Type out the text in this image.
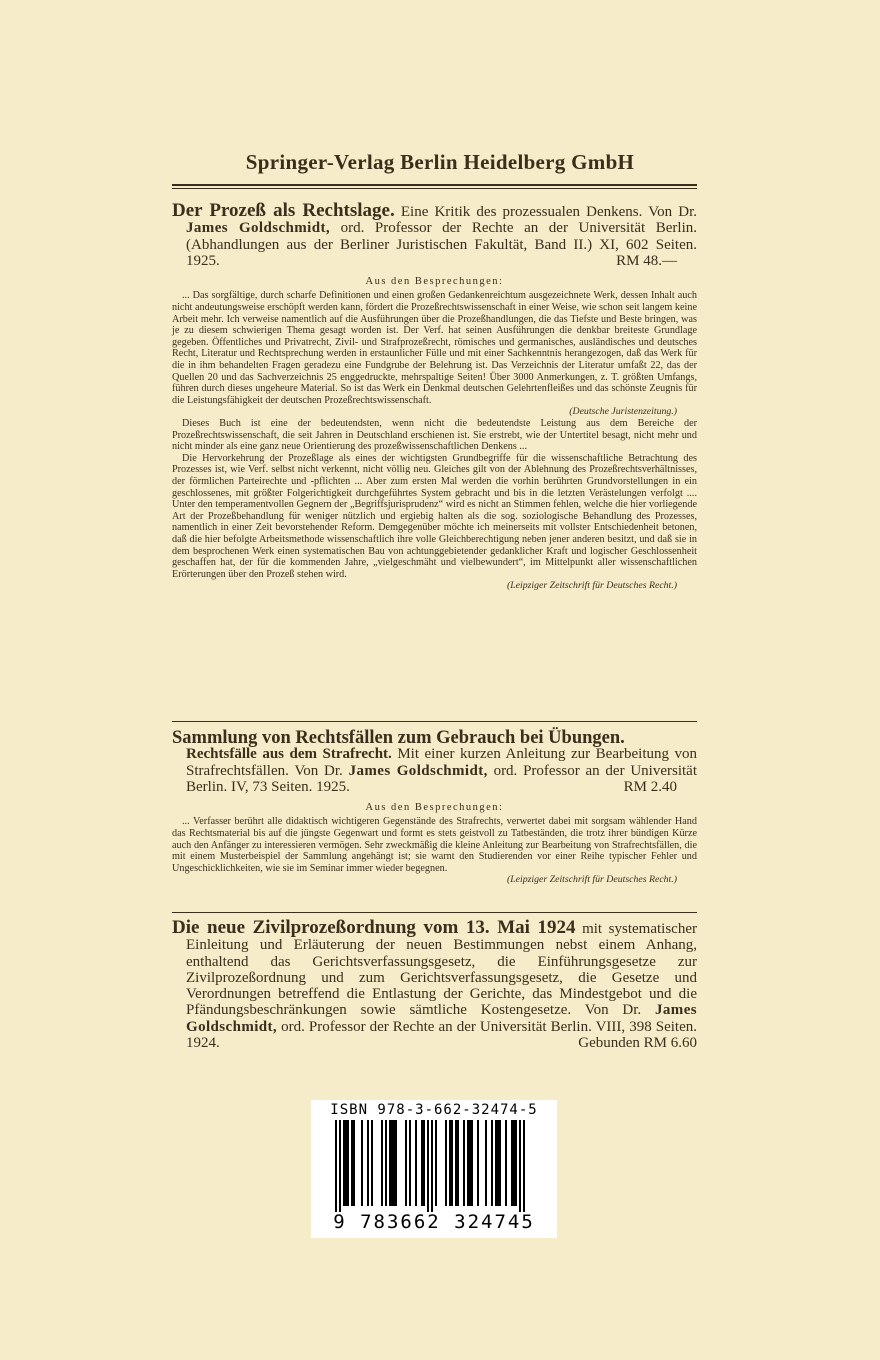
Springer-Verlag Berlin Heidelberg GmbH
Der Prozeß als Rechtslage. Eine Kritik des prozessualen Denkens. Von Dr. James Goldschmidt, ord. Professor der Rechte an der Universität Berlin. (Abhandlungen aus der Berliner Juristischen Fakultät, Band II.) XI, 602 Seiten. 1925.	RM 48.—
Aus den Besprechungen:

... Das sorgfältige, durch scharfe Definitionen und einen großen Gedankenreichtum ausgezeichnete Werk, dessen Inhalt auch nicht andeutungsweise erschöpft werden kann, fördert die Prozeßrechtswissenschaft in einer Weise, wie schon seit langem keine Arbeit mehr. Ich verweise namentlich auf die Ausführungen über die Prozeßhandlungen, die das Tiefste und Beste bringen, was je zu diesem schwierigen Thema gesagt worden ist. Der Verf. hat seinen Ausführungen die denkbar breiteste Grundlage gegeben. Öffentliches und Privatrecht, Zivil- und Strafprozeßrecht, römisches und germanisches, ausländisches und deutsches Recht, Literatur und Rechtsprechung werden in erstaunlicher Fülle und mit einer Sachkenntnis herangezogen, daß das Werk für die in ihm behandelten Fragen geradezu eine Fundgrube der Belehrung ist. Das Verzeichnis der Literatur umfaßt 22, das der Quellen 20 und das Sachverzeichnis 25 enggedruckte, mehrspaltige Seiten! Über 3000 Anmerkungen, z. T. größten Umfangs, führen durch dieses ungeheure Material. So ist das Werk ein Denkmal deutschen Gelehrtenfleißes und das schönste Zeugnis für die Leistungsfähigkeit der deutschen Prozeßrechtswissenschaft.

(Deutsche Juristenzeitung.)

Dieses Buch ist eine der bedeutendsten, wenn nicht die bedeutendste Leistung aus dem Bereiche der Prozeßrechtswissenschaft, die seit Jahren in Deutschland erschienen ist. Sie erstrebt, wie der Untertitel besagt, nicht mehr und nicht minder als eine ganz neue Orientierung des prozeßwissenschaftlichen Denkens ...

Die Hervorkehrung der Prozeßlage als eines der wichtigsten Grundbegriffe für die wissenschaftliche Betrachtung des Prozesses ist, wie Verf. selbst nicht verkennt, nicht völlig neu. Gleiches gilt von der Ablehnung des Prozeßrechtsverhältnisses, der förmlichen Parteirechte und -pflichten ... Aber zum ersten Mal werden die vorhin berührten Grundvorstellungen in ein geschlossenes, mit größter Folgerichtigkeit durchgeführtes System gebracht und bis in die letzten Verästelungen verfolgt .... Unter den temperamentvollen Gegnern der „Begriffsjurisprudenz“ wird es nicht an Stimmen fehlen, welche die hier vorliegende Art der Prozeßbehandlung für weniger nützlich und ergiebig halten als die sog. soziologische Behandlung des Prozesses, namentlich in einer Zeit bevorstehender Reform. Demgegenüber möchte ich meinerseits mit vollster Entschiedenheit betonen, daß die hier befolgte Arbeitsmethode wissenschaftlich ihre volle Gleichberechtigung neben jener anderen besitzt, und daß sie in dem besprochenen Werk einen systematischen Bau von achtunggebietender gedanklicher Kraft und logischer Geschlossenheit geschaffen hat, der für die kommenden Jahre, „vielgeschmäht und vielbewundert“, im Mittelpunkt aller wissenschaftlichen Erörterungen über den Prozeß stehen wird.

(Leipziger Zeitschrift für Deutsches Recht.)
Sammlung von Rechtsfällen zum Gebrauch bei Übungen.
Rechtsfälle aus dem Strafrecht. Mit einer kurzen Anleitung zur Bearbeitung von Strafrechtsfällen. Von Dr. James Goldschmidt, ord. Professor an der Universität Berlin. IV, 73 Seiten. 1925.	RM 2.40
Aus den Besprechungen:

... Verfasser berührt alle didaktisch wichtigeren Gegenstände des Strafrechts, verwertet dabei mit sorgsam wählender Hand das Rechtsmaterial bis auf die jüngste Gegenwart und formt es stets geistvoll zu Tatbeständen, die trotz ihrer bündigen Kürze auch den Anfänger zu interessieren vermögen. Sehr zweckmäßig die kleine Anleitung zur Bearbeitung von Strafrechtsfällen, die mit einem Musterbeispiel der Sammlung angehängt ist; sie warnt den Studierenden vor einer Reihe typischer Fehler und Ungeschicklichkeiten, wie sie im Seminar immer wieder begegnen.

(Leipziger Zeitschrift für Deutsches Recht.)
Die neue Zivilprozeßordnung vom 13. Mai 1924 mit systematischer Einleitung und Erläuterung der neuen Bestimmungen nebst einem Anhang, enthaltend das Gerichtsverfassungsgesetz, die Einführungsgesetze zur Zivilprozeßordnung und zum Gerichtsverfassungsgesetz, die Gesetze und Verordnungen betreffend die Entlastung der Gerichte, das Mindestgebot und die Pfändungsbeschränkungen sowie sämtliche Kostengesetze. Von Dr. James Goldschmidt, ord. Professor der Rechte an der Universität Berlin. VIII, 398 Seiten. 1924.	Gebunden RM 6.60
ISBN 978-3-662-32474-5
9 783662 324745
